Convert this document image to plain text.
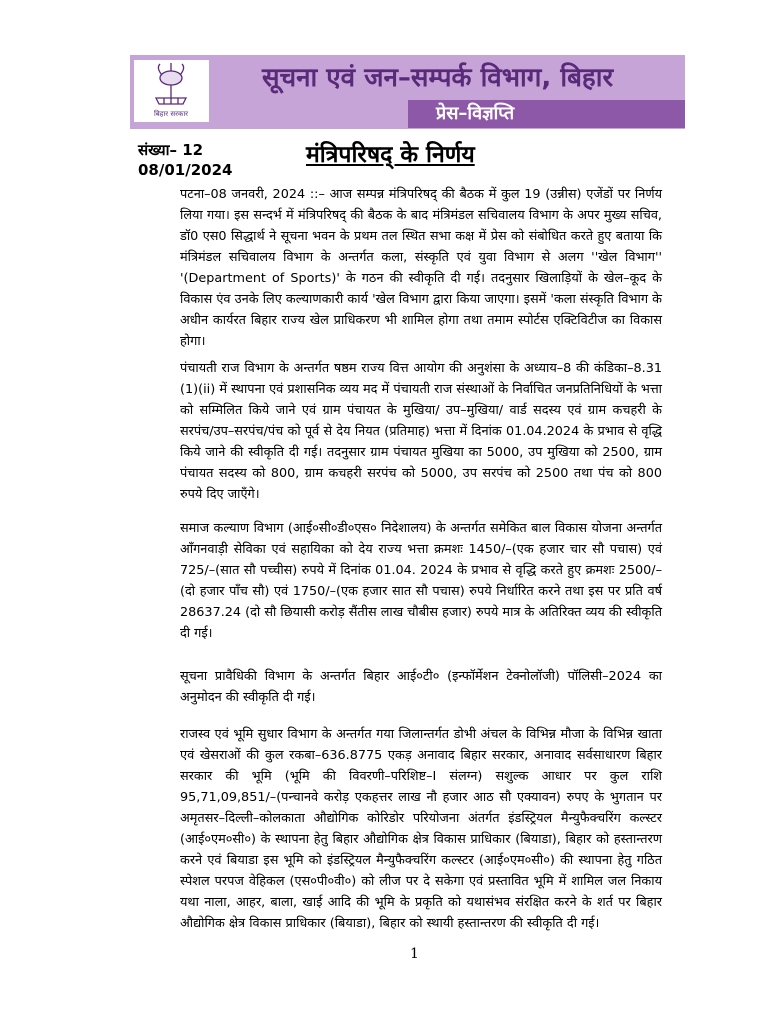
बिहार सरकार
सूचना एवं जन–सम्पर्क विभाग, बिहार
प्रेस–विज्ञप्ति
संख्या– 12
08/01/2024
मंत्रिपरिषद् के निर्णय
पटना–08 जनवरी, 2024 ::– आज सम्पन्न मंत्रिपरिषद् की बैठक में कुल 19 (उन्नीस) एजेंडों पर निर्णय लिया गया। इस सन्दर्भ में मंत्रिपरिषद् की बैठक के बाद मंत्रिमंडल सचिवालय विभाग के अपर मुख्य सचिव, डॉ0 एस0 सिद्धार्थ ने सूचना भवन के प्रथम तल स्थित सभा कक्ष में प्रेस को संबोधित करते हुए बताया कि मंत्रिमंडल सचिवालय विभाग के अन्तर्गत कला, संस्कृति एवं युवा विभाग से अलग ''खेल विभाग'' '(Department of Sports)' के गठन की स्वीकृति दी गई। तदनुसार खिलाड़ियों के खेल–कूद के विकास एंव उनके लिए कल्याणकारी कार्य 'खेल विभाग द्वारा किया जाएगा। इसमें 'कला संस्कृति विभाग के अधीन कार्यरत बिहार राज्य खेल प्राधिकरण भी शामिल होगा तथा तमाम स्पोर्टस एक्टिविटीज का विकास होगा।
पंचायती राज विभाग के अन्तर्गत षष्ठम राज्य वित्त आयोग की अनुशंसा के अध्याय–8 की कंडिका–8.31 (1)(ii) में स्थापना एवं प्रशासनिक व्यय मद में पंचायती राज संस्थाओं के निर्वाचित जनप्रतिनिधियों के भत्ता को सम्मिलित किये जाने एवं ग्राम पंचायत के मुखिया/ उप–मुखिया/ वार्ड सदस्य एवं ग्राम कचहरी के सरपंच/उप–सरपंच/पंच को पूर्व से देय नियत (प्रतिमाह) भत्ता में दिनांक 01.04.2024 के प्रभाव से वृद्धि किये जाने की स्वीकृति दी गई। तदनुसार ग्राम पंचायत मुखिया का 5000, उप मुखिया को 2500, ग्राम पंचायत सदस्य को 800, ग्राम कचहरी सरपंच को 5000, उप सरपंच को 2500 तथा पंच को 800 रुपये दिए जाएँगे।
समाज कल्याण विभाग (आई०सी०डी०एस० निदेशालय) के अन्तर्गत समेकित बाल विकास योजना अन्तर्गत ऑंगनवाड़ी सेविका एवं सहायिका को देय राज्य भत्ता क्रमशः 1450/–(एक हजार चार सौ पचास) एवं 725/–(सात सौ पच्चीस) रुपये में दिनांक 01.04. 2024 के प्रभाव से वृद्धि करते हुए क्रमशः 2500/–(दो हजार पाँच सौ) एवं 1750/–(एक हजार सात सौ पचास) रुपये निर्धारित करने तथा इस पर प्रति वर्ष 28637.24 (दो सौ छियासी करोड़ सैंतीस लाख चौबीस हजार) रुपये मात्र के अतिरिक्त व्यय की स्वीकृति दी गई।
सूचना प्रावैधिकी विभाग के अन्तर्गत बिहार आई०टी० (इन्फॉर्मेशन टेक्नोलॉजी) पॉलिसी–2024 का अनुमोदन की स्वीकृति दी गई।
राजस्व एवं भूमि सुधार विभाग के अन्तर्गत गया जिलान्तर्गत डोभी अंचल के विभिन्न मौजा के विभिन्न खाता एवं खेसराओं की कुल रकबा–636.8775 एकड़ अनावाद बिहार सरकार, अनावाद सर्वसाधारण बिहार सरकार की भूमि (भूमि की विवरणी–परिशिष्ट–I संलग्न) सशुल्क आधार पर कुल राशि 95,71,09,851/–(पन्चानवे करोड़ एकहत्तर लाख नौ हजार आठ सौ एक्यावन) रुपए के भुगतान पर अमृतसर–दिल्ली–कोलकाता औद्योगिक कोरिडोर परियोजना अंतर्गत इंडस्ट्रियल मैन्युफैक्चरिंग कल्स्टर (आई०एम०सी०) के स्थापना हेतु बिहार औद्योगिक क्षेत्र विकास प्राधिकार (बियाडा), बिहार को हस्तान्तरण करने एवं बियाडा इस भूमि को इंडस्ट्रियल मैन्युफैक्चरिंग कल्स्टर (आई०एम०सी०) की स्थापना हेतु गठित स्पेशल परपज वेहिकल (एस०पी०वी०) को लीज पर दे सकेगा एवं प्रस्तावित भूमि में शामिल जल निकाय यथा नाला, आहर, बाला, खाई आदि की भूमि के प्रकृति को यथासंभव संरक्षित करने के शर्त पर बिहार औद्योगिक क्षेत्र विकास प्राधिकार (बियाडा), बिहार को स्थायी हस्तान्तरण की स्वीकृति दी गई।
1
